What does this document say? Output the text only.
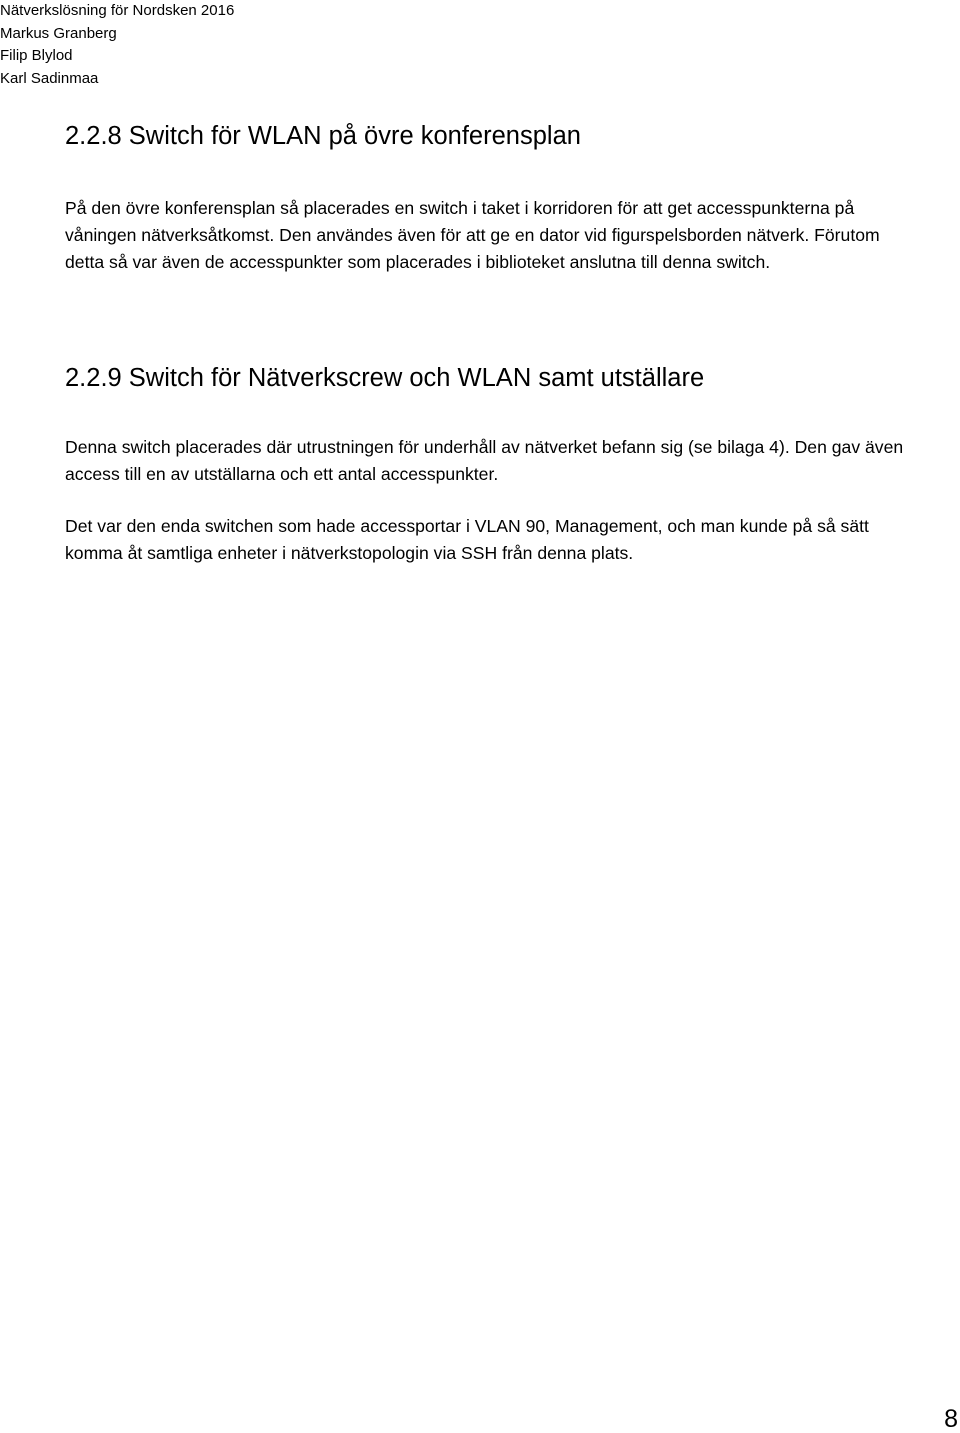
Nätverkslösning för Nordsken 2016
Markus Granberg
Filip Blylod
Karl Sadinmaa
2.2.8 Switch för WLAN på övre konferensplan

På den övre konferensplan så placerades en switch i taket i korridoren för att get accesspunkterna på våningen nätverksåtkomst. Den användes även för att ge en dator vid figurspelsborden nätverk. Förutom detta så var även de accesspunkter som placerades i biblioteket anslutna till denna switch.

2.2.9 Switch för Nätverkscrew och WLAN samt utställare

Denna switch placerades där utrustningen för underhåll av nätverket befann sig (se bilaga 4). Den gav även access till en av utställarna och ett antal accesspunkter.

Det var den enda switchen som hade accessportar i VLAN 90, Management, och man kunde på så sätt komma åt samtliga enheter i nätverkstopologin via SSH från denna plats.

8
